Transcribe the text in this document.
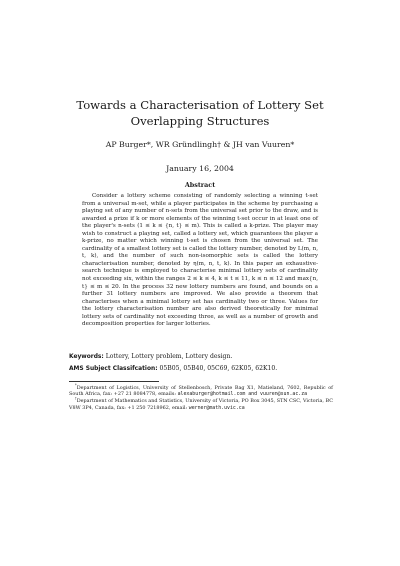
Towards a Characterisation of Lottery Set
Overlapping Structures
AP Burger*, WR Gründlingh† & JH van Vuuren*
January 16, 2004
Abstract

Consider a lottery scheme consisting of randomly selecting a winning t-set from a universal m-set, while a player participates in the scheme by purchasing a playing set of any number of n-sets from the universal set prior to the draw, and is awarded a prize if k or more elements of the winning t-set occur in at least one of the player's n-sets (1 ≤ k ≤ {n, t} ≤ m). This is called a k-prize. The player may wish to construct a playing set, called a lottery set, which guarantees the player a k-prize, no matter which winning t-set is chosen from the universal set. The cardinality of a smallest lottery set is called the lottery number, denoted by L(m, n, t, k), and the number of such non-isomorphic sets is called the lottery characterisation number, denoted by η(m, n, t, k). In this paper an exhaustive-search technique is employed to characterise minimal lottery sets of cardinality not exceeding six, within the ranges 2 ≤ k ≤ 4, k ≤ t ≤ 11, k ≤ n ≤ 12 and max{n, t} ≤ m ≤ 20. In the process 32 new lottery numbers are found, and bounds on a further 31 lottery numbers are improved. We also provide a theorem that characterises when a minimal lottery set has cardinality two or three. Values for the lottery characterisation number are also derived theoretically for minimal lottery sets of cardinality not exceeding three, as well as a number of growth and decomposition properties for larger lotteries.

Keywords: Lottery, Lottery problem, Lottery design.
AMS Subject Classifcation: 05B05, 05B40, 05C69, 62K05, 62K10.

*Department of Logistics, University of Stellenbosch, Private Bag X1, Matieland, 7602, Republic of South Africa, fax: +27 21 8084778, emails: alexaburger@hotmail.com and vuuren@sun.ac.za

†Department of Mathematics and Statistics, University of Victoria, PO Box 3045, STN CSC, Victoria, BC V8W 3P4, Canada, fax: +1 250 7218962, email: werner@math.uvic.ca
